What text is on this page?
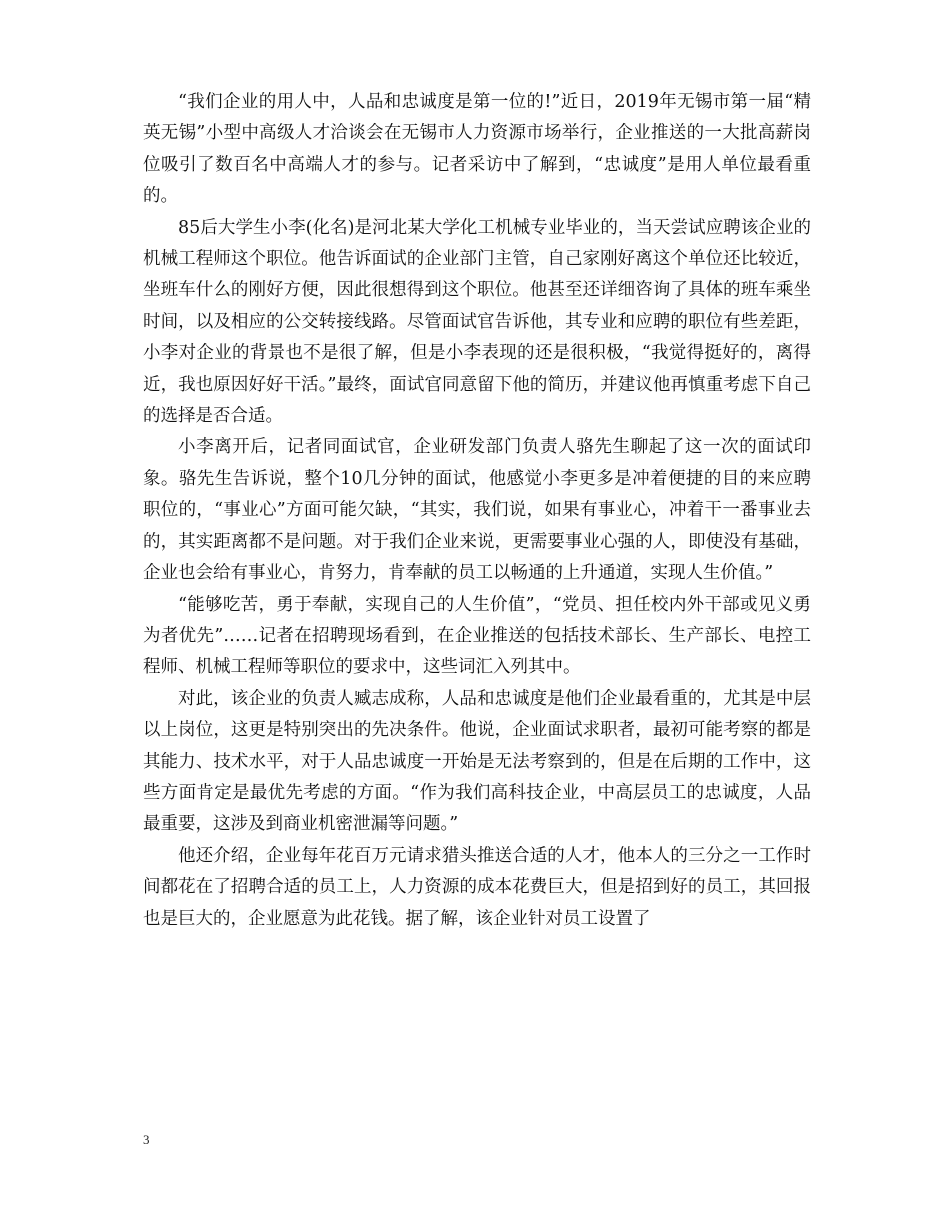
“我们企业的用人中，人品和忠诚度是第一位的!”近日，2019年无锡市第一届“精英无锡”小型中高级人才洽谈会在无锡市人力资源市场举行，企业推送的一大批高薪岗位吸引了数百名中高端人才的参与。记者采访中了解到，“忠诚度”是用人单位最看重的。

85后大学生小李(化名)是河北某大学化工机械专业毕业的，当天尝试应聘该企业的机械工程师这个职位。他告诉面试的企业部门主管，自己家刚好离这个单位还比较近，坐班车什么的刚好方便，因此很想得到这个职位。他甚至还详细咨询了具体的班车乘坐时间，以及相应的公交转接线路。尽管面试官告诉他，其专业和应聘的职位有些差距，小李对企业的背景也不是很了解，但是小李表现的还是很积极，“我觉得挺好的，离得近，我也原因好好干活。”最终，面试官同意留下他的简历，并建议他再慎重考虑下自己的选择是否合适。

小李离开后，记者同面试官，企业研发部门负责人骆先生聊起了这一次的面试印象。骆先生告诉说，整个10几分钟的面试，他感觉小李更多是冲着便捷的目的来应聘职位的，“事业心”方面可能欠缺，“其实，我们说，如果有事业心，冲着干一番事业去的，其实距离都不是问题。对于我们企业来说，更需要事业心强的人，即使没有基础，企业也会给有事业心，肯努力，肯奉献的员工以畅通的上升通道，实现人生价值。”

“能够吃苦，勇于奉献，实现自己的人生价值”，“党员、担任校内外干部或见义勇为者优先”……记者在招聘现场看到，在企业推送的包括技术部长、生产部长、电控工程师、机械工程师等职位的要求中，这些词汇入列其中。

对此，该企业的负责人臧志成称，人品和忠诚度是他们企业最看重的，尤其是中层以上岗位，这更是特别突出的先决条件。他说，企业面试求职者，最初可能考察的都是其能力、技术水平，对于人品忠诚度一开始是无法考察到的，但是在后期的工作中，这些方面肯定是最优先考虑的方面。“作为我们高科技企业，中高层员工的忠诚度，人品最重要，这涉及到商业机密泄漏等问题。”

他还介绍，企业每年花百万元请求猎头推送合适的人才，他本人的三分之一工作时间都花在了招聘合适的员工上，人力资源的成本花费巨大，但是招到好的员工，其回报也是巨大的，企业愿意为此花钱。据了解，该企业针对员工设置了

3
